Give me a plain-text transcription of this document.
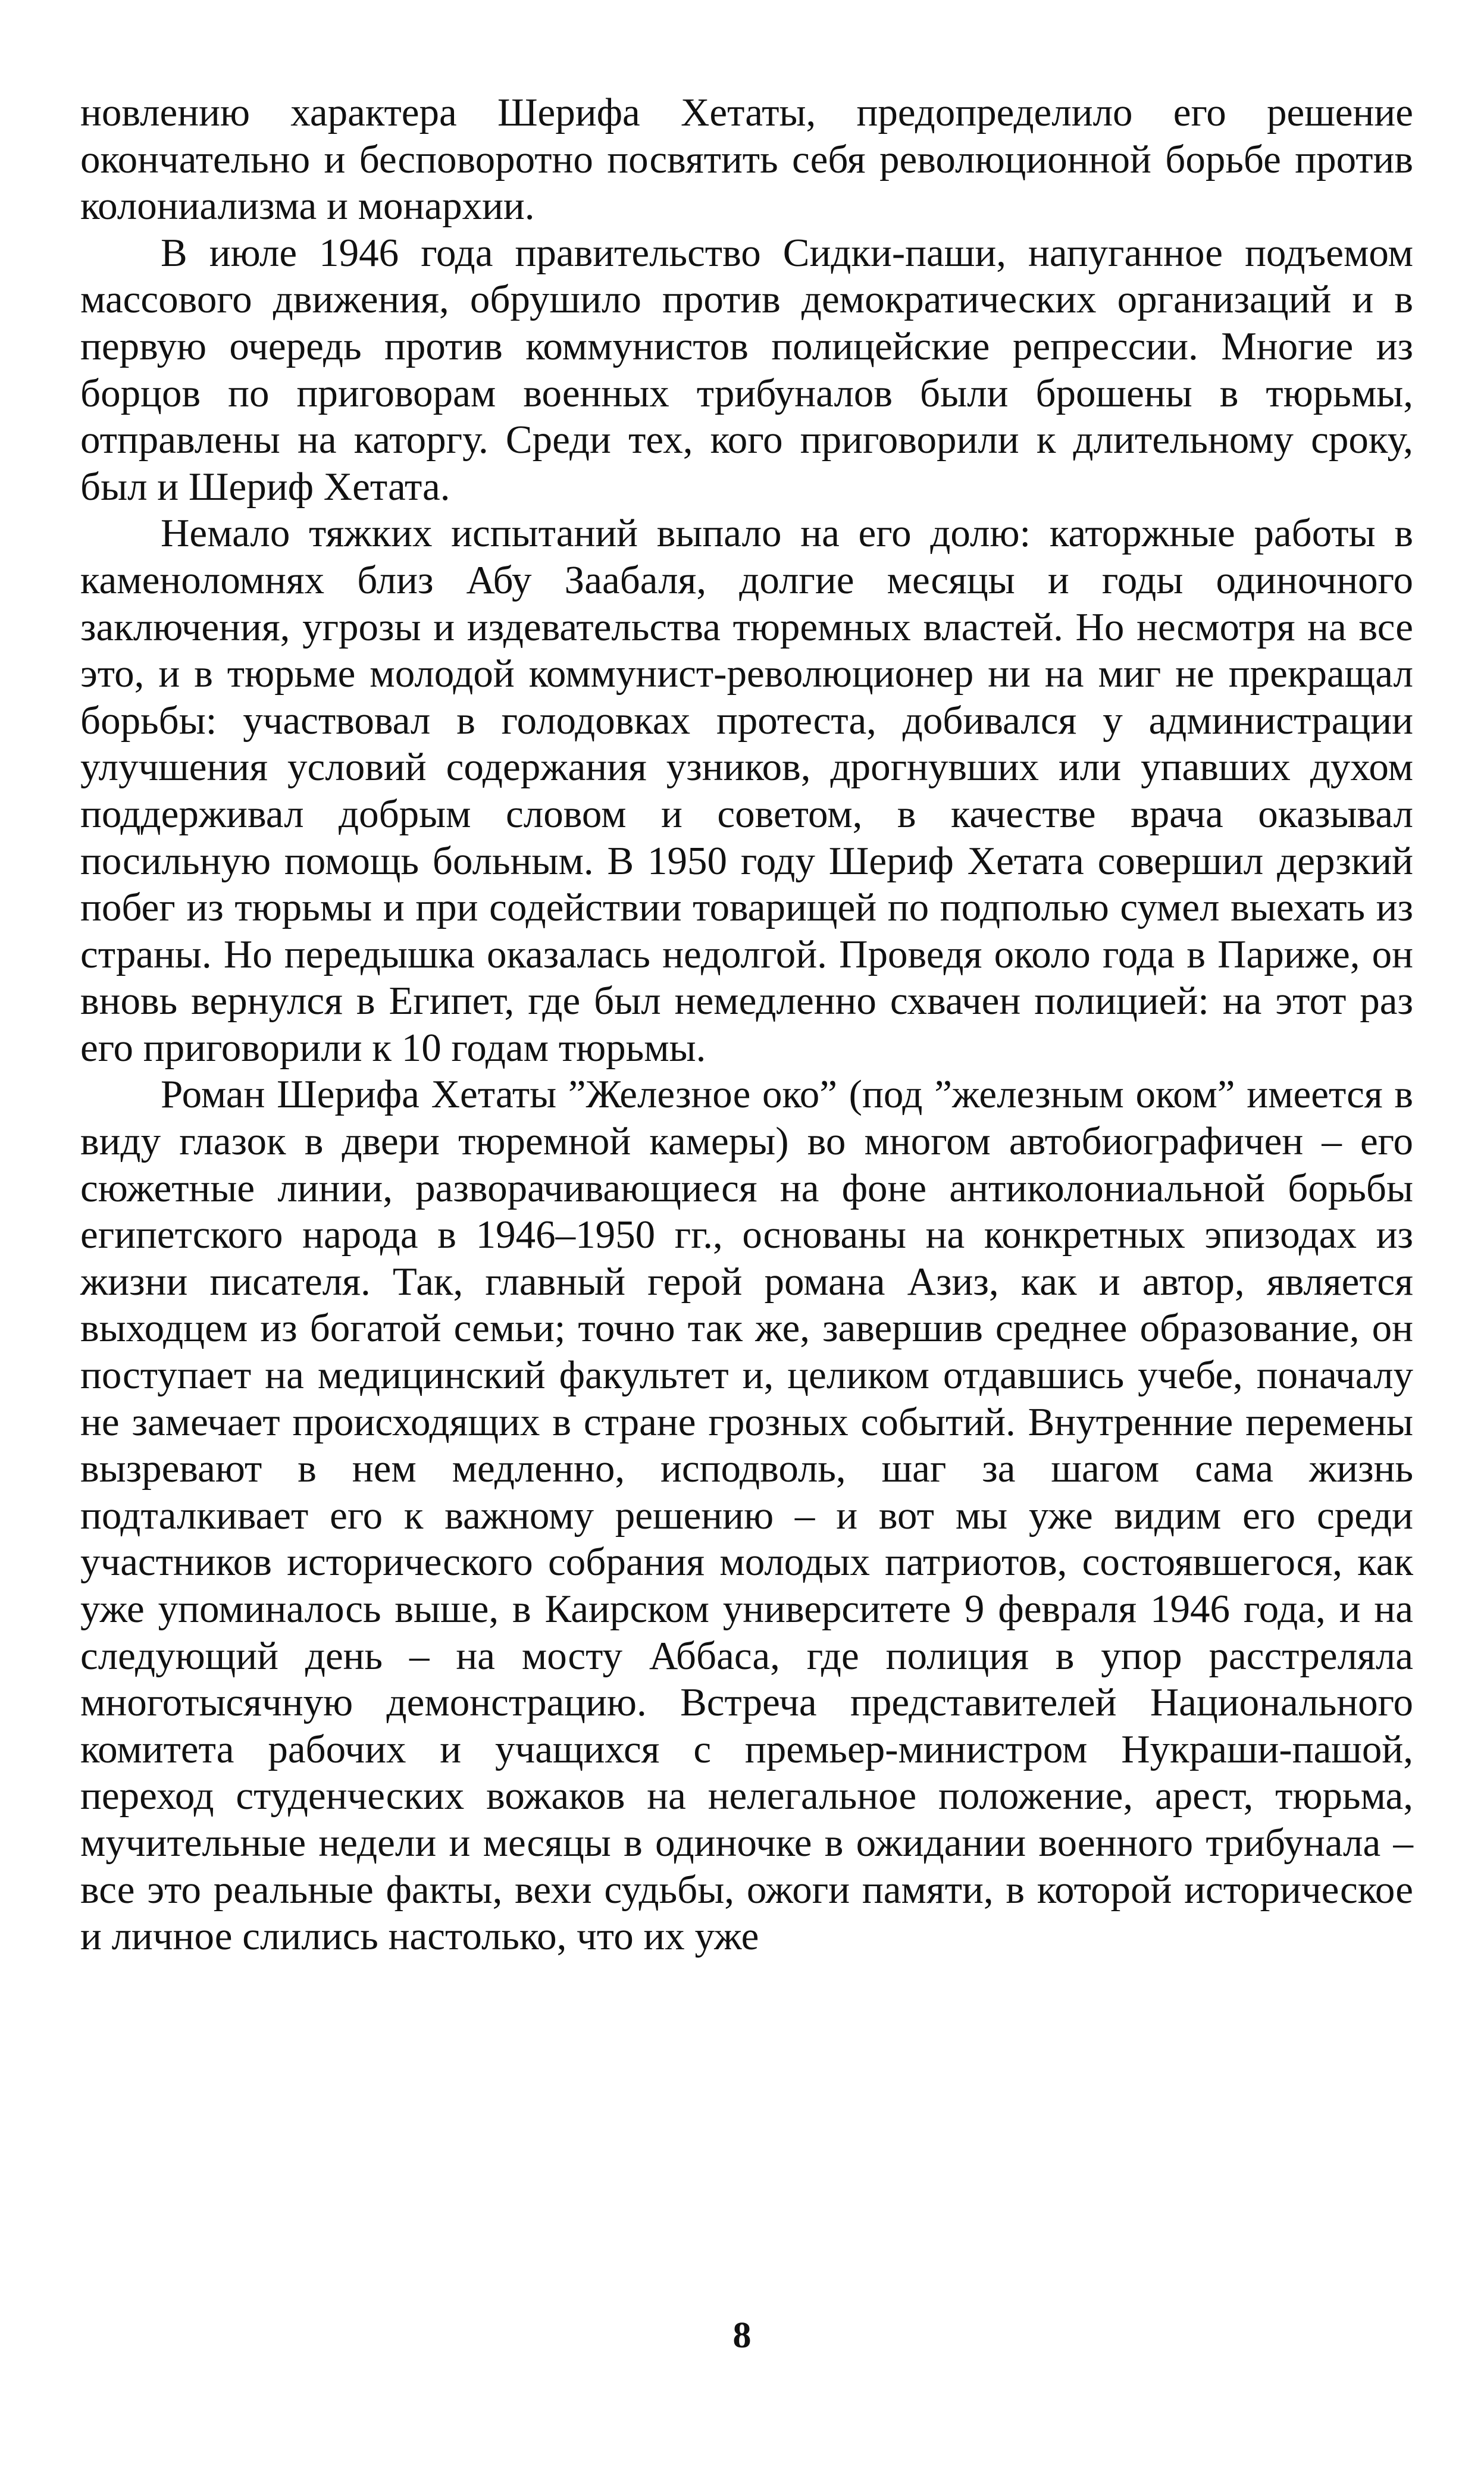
новлению характера Шерифа Хетаты, предопределило его решение окончательно и бесповоротно посвятить себя революционной борьбе против колониализма и монархии.

В июле 1946 года правительство Сидки-паши, напуганное подъемом массового движения, обрушило против демократических организаций и в первую очередь против коммунистов полицейские репрессии. Многие из борцов по приговорам военных трибуналов были брошены в тюрьмы, отправлены на каторгу. Среди тех, кого приговорили к длительному сроку, был и Шериф Хетата.

Немало тяжких испытаний выпало на его долю: каторжные работы в каменоломнях близ Абу Заабаля, долгие месяцы и годы одиночного заключения, угрозы и издевательства тюремных властей. Но несмотря на все это, и в тюрьме молодой коммунист-революционер ни на миг не прекращал борьбы: участвовал в голодовках протеста, добивался у администрации улучшения условий содержания узников, дрогнувших или упавших духом поддерживал добрым словом и советом, в качестве врача оказывал посильную помощь больным. В 1950 году Шериф Хетата совершил дерзкий побег из тюрьмы и при содействии товарищей по подполью сумел выехать из страны. Но передышка оказалась недолгой. Проведя около года в Париже, он вновь вернулся в Египет, где был немедленно схвачен полицией: на этот раз его приговорили к 10 годам тюрьмы.

Роман Шерифа Хетаты ”Железное око” (под ”железным оком” имеется в виду глазок в двери тюремной камеры) во многом автобиографичен – его сюжетные линии, разворачивающиеся на фоне антиколониальной борьбы египетского народа в 1946–1950 гг., основаны на конкретных эпизодах из жизни писателя. Так, главный герой романа Азиз, как и автор, является выходцем из богатой семьи; точно так же, завершив среднее образование, он поступает на медицинский факультет и, целиком отдавшись учебе, поначалу не замечает происходящих в стране грозных событий. Внутренние перемены вызревают в нем медленно, исподволь, шаг за шагом сама жизнь подталкивает его к важному решению – и вот мы уже видим его среди участников исторического собрания молодых патриотов, состоявшегося, как уже упоминалось выше, в Каирском университете 9 февраля 1946 года, и на следующий день – на мосту Аббаса, где полиция в упор расстреляла многотысячную демонстрацию. Встреча представителей Национального комитета рабочих и учащихся с премьер-министром Нукраши-пашой, переход студенческих вожаков на нелегальное положение, арест, тюрьма, мучительные недели и месяцы в одиночке в ожидании военного трибунала – все это реальные факты, вехи судьбы, ожоги памяти, в которой историческое и личное слились настолько, что их уже

8
